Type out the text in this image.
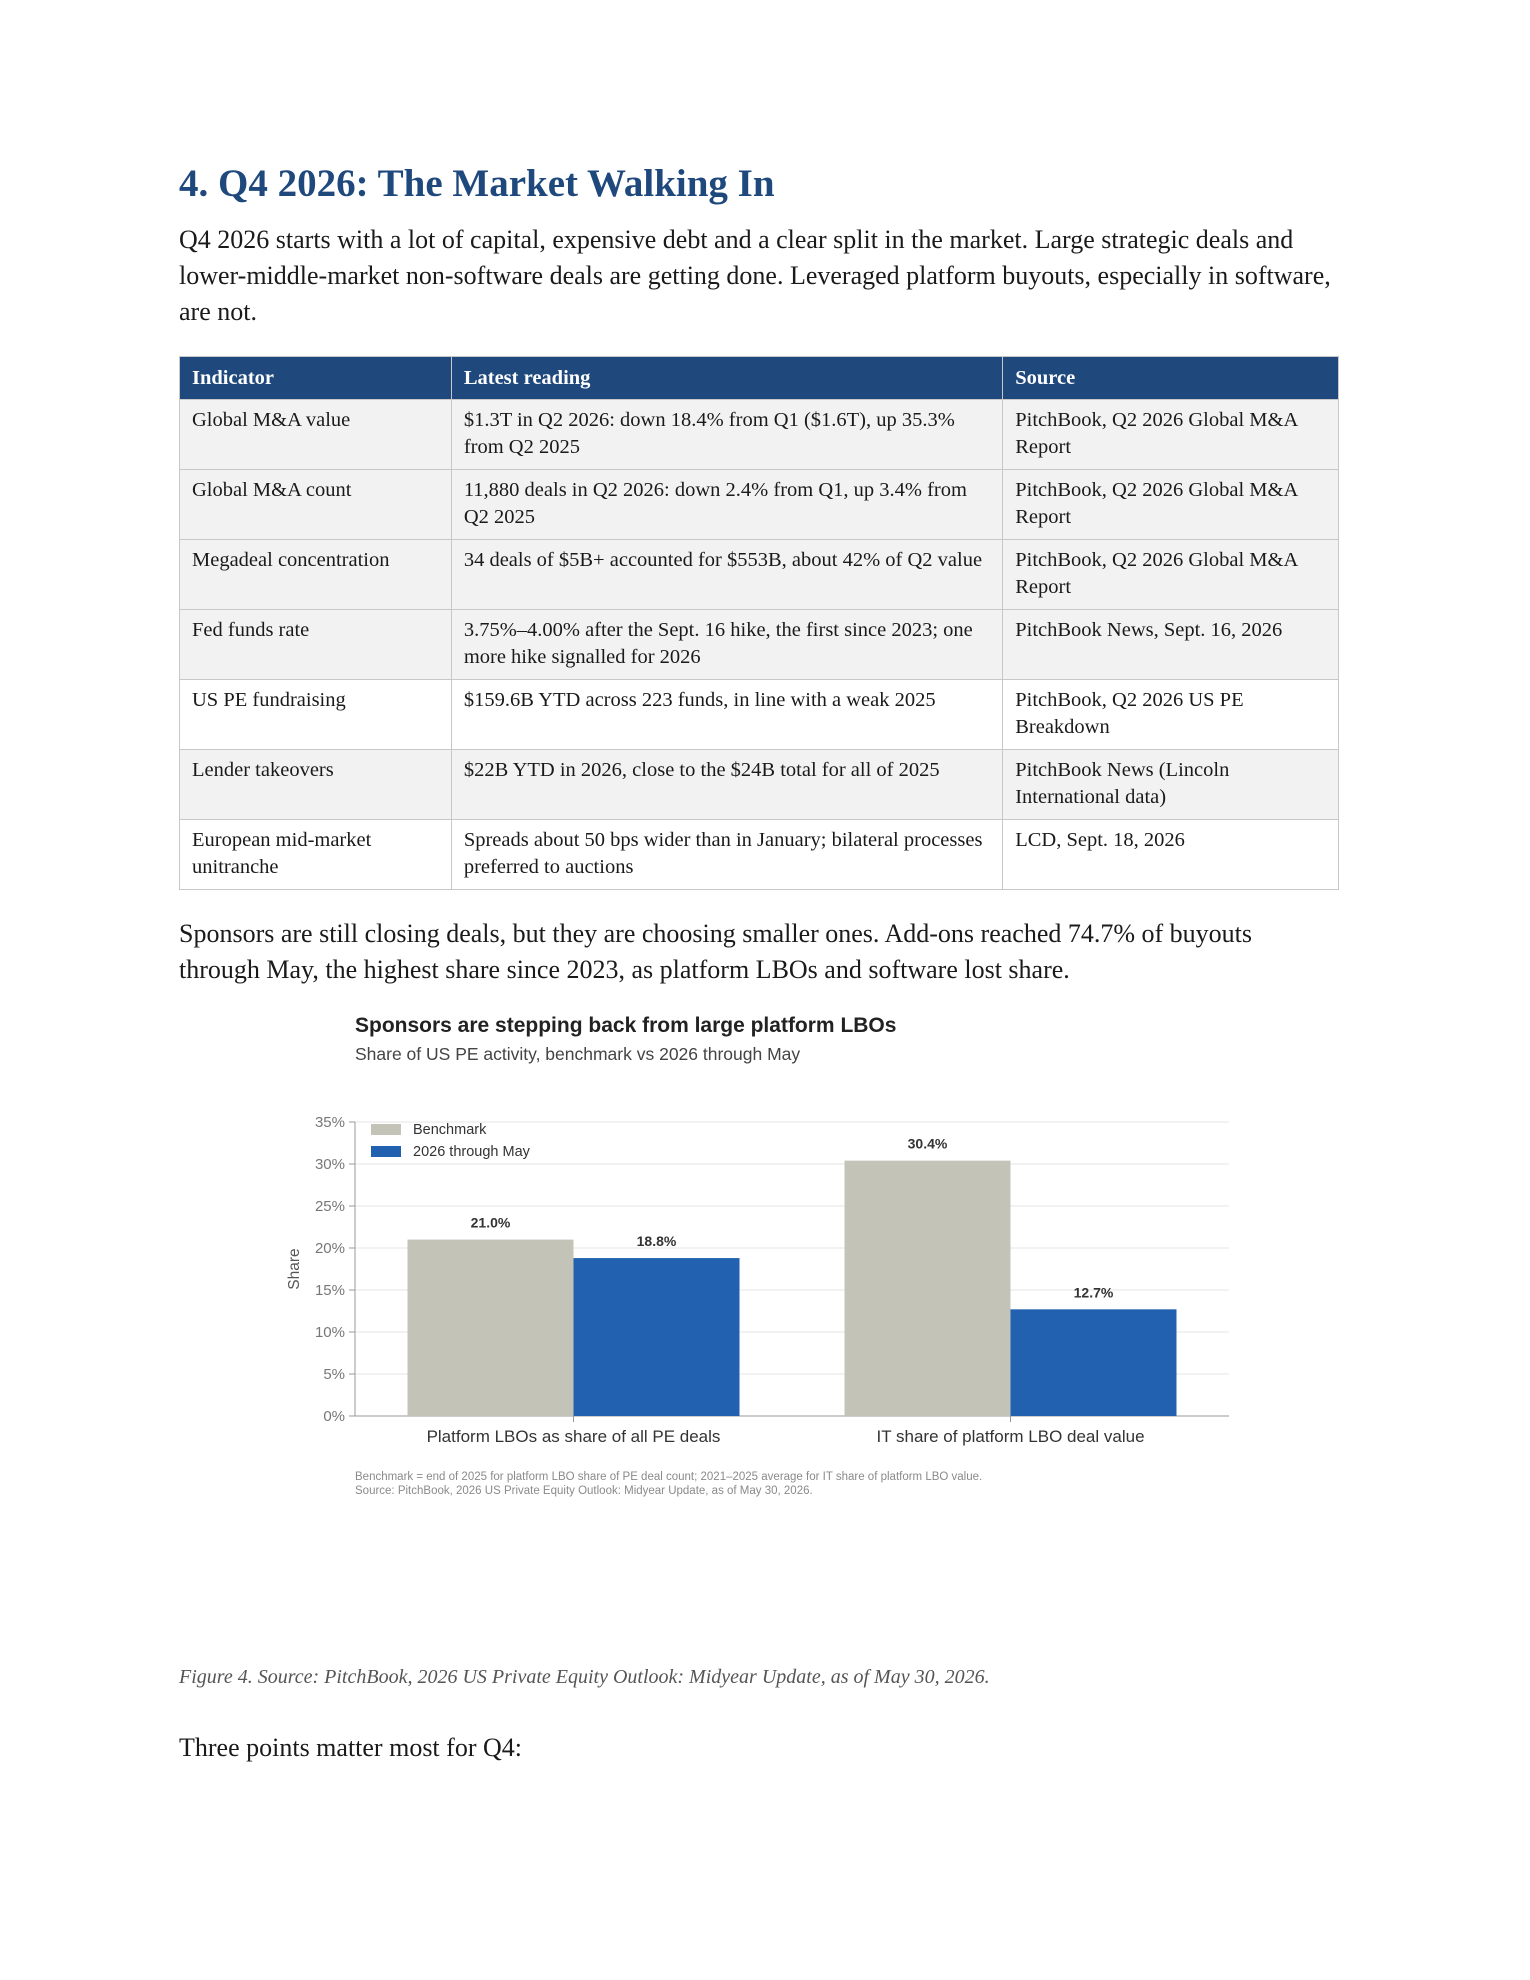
4. Q4 2026: The Market Walking In

Q4 2026 starts with a lot of capital, expensive debt and a clear split in the market. Large strategic deals and lower-middle-market non-software deals are getting done. Leveraged platform buyouts, especially in software, are not.

Indicator	Latest reading	Source
Global M&A value	$1.3T in Q2 2026: down 18.4% from Q1 ($1.6T), up 35.3% from Q2 2025	PitchBook, Q2 2026 Global M&A Report
Global M&A count	11,880 deals in Q2 2026: down 2.4% from Q1, up 3.4% from Q2 2025	PitchBook, Q2 2026 Global M&A Report
Megadeal concentration	34 deals of $5B+ accounted for $553B, about 42% of Q2 value	PitchBook, Q2 2026 Global M&A Report
Fed funds rate	3.75%–4.00% after the Sept. 16 hike, the first since 2023; one more hike signalled for 2026	PitchBook News, Sept. 16, 2026
US PE fundraising	$159.6B YTD across 223 funds, in line with a weak 2025	PitchBook, Q2 2026 US PE Breakdown
Lender takeovers	$22B YTD in 2026, close to the $24B total for all of 2025	PitchBook News (Lincoln International data)
European mid-market unitranche	Spreads about 50 bps wider than in January; bilateral processes preferred to auctions	LCD, Sept. 18, 2026

Sponsors are still closing deals, but they are choosing smaller ones. Add-ons reached 74.7% of buyouts through May, the highest share since 2023, as platform LBOs and software lost share.

Sponsors are stepping back from large platform LBOs
Share of US PE activity, benchmark vs 2026 through May
0%
5%
10%
15%
20%
25%
30%
35%
Share
21.0%
18.8%
Platform LBOs as share of all PE deals
30.4%
12.7%
IT share of platform LBO deal value
Benchmark
2026 through May
Benchmark = end of 2025 for platform LBO share of PE deal count; 2021–2025 average for IT share of platform LBO value.
Source: PitchBook, 2026 US Private Equity Outlook: Midyear Update, as of May 30, 2026.
Figure 4. Source: PitchBook, 2026 US Private Equity Outlook: Midyear Update, as of May 30, 2026.
Three points matter most for Q4:
